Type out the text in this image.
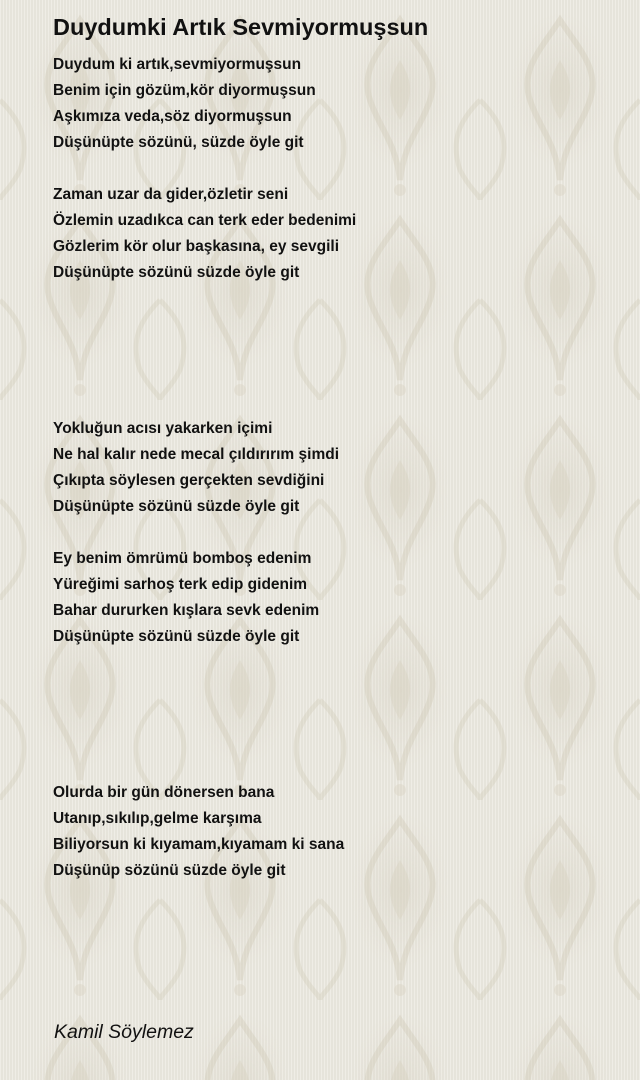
Duydumki Artık Sevmiyormuşsun
Duydum ki artık,sevmiyormuşsun
Benim için gözüm,kör diyormuşsun
Aşkımıza veda,söz diyormuşsun
Düşünüpte sözünü, süzde öyle git
Zaman uzar da gider,özletir seni
Özlemin uzadıkca can terk eder bedenimi
Gözlerim kör olur başkasına, ey sevgili
Düşünüpte sözünü süzde öyle git
Yokluğun acısı yakarken içimi
Ne hal kalır nede mecal çıldırırım şimdi
Çıkıpta söylesen gerçekten sevdiğini
Düşünüpte sözünü süzde öyle git
Ey benim ömrümü bomboş edenim
Yüreğimi sarhoş terk edip gidenim
Bahar dururken kışlara sevk edenim
Düşünüpte sözünü süzde öyle git
Olurda bir gün dönersen bana
Utanıp,sıkılıp,gelme karşıma
Biliyorsun ki kıyamam,kıyamam ki sana
Düşünüp sözünü süzde öyle git
Kamil Söylemez
